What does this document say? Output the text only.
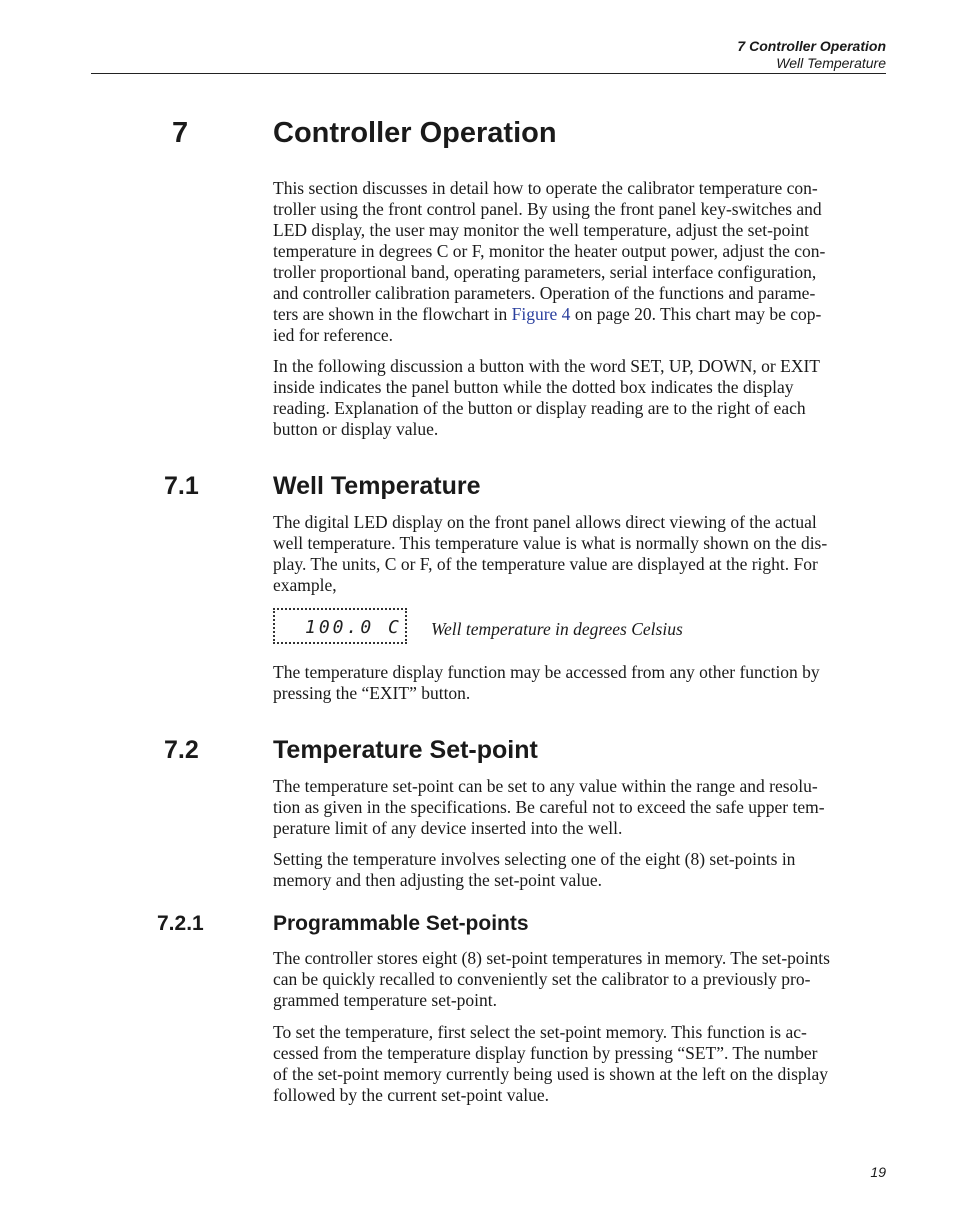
7 Controller Operation
Well Temperature
7	Controller Operation

This section discusses in detail how to operate the calibrator temperature con-
troller using the front control panel. By using the front panel key-switches and
LED display, the user may monitor the well temperature, adjust the set-point
temperature in degrees C or F, monitor the heater output power, adjust the con-
troller proportional band, operating parameters, serial interface configuration,
and controller calibration parameters. Operation of the functions and parame-
ters are shown in the flowchart in Figure 4 on page 20. This chart may be cop-
ied for reference.

In the following discussion a button with the word SET, UP, DOWN, or EXIT
inside indicates the panel button while the dotted box indicates the display
reading. Explanation of the button or display reading are to the right of each
button or display value.

7.1	Well Temperature

The digital LED display on the front panel allows direct viewing of the actual
well temperature. This temperature value is what is normally shown on the dis-
play. The units, C or F, of the temperature value are displayed at the right. For
example,

100.0 C Well temperature in degrees Celsius

The temperature display function may be accessed from any other function by
pressing the “EXIT” button.

7.2	Temperature Set-point

The temperature set-point can be set to any value within the range and resolu-
tion as given in the specifications. Be careful not to exceed the safe upper tem-
perature limit of any device inserted into the well.

Setting the temperature involves selecting one of the eight (8) set-points in
memory and then adjusting the set-point value.

7.2.1	Programmable Set-points

The controller stores eight (8) set-point temperatures in memory. The set-points
can be quickly recalled to conveniently set the calibrator to a previously pro-
grammed temperature set-point.

To set the temperature, first select the set-point memory. This function is ac-
cessed from the temperature display function by pressing “SET”. The number
of the set-point memory currently being used is shown at the left on the display
followed by the current set-point value.

19
